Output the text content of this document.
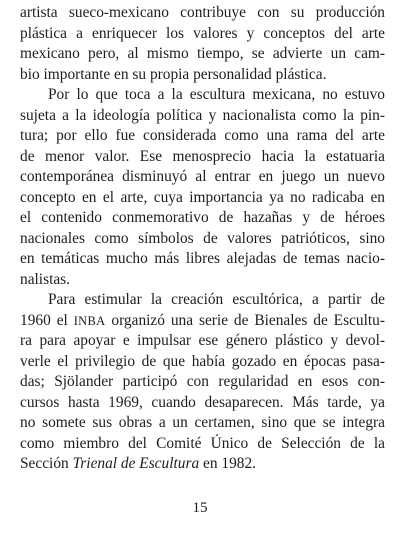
artista sueco-mexicano contribuye con su producción
plástica a enriquecer los valores y conceptos del arte
mexicano pero, al mismo tiempo, se advierte un cam-
bio importante en su propia personalidad plástica.

Por lo que toca a la escultura mexicana, no estuvo
sujeta a la ideología política y nacionalista como la pin-
tura; por ello fue considerada como una rama del arte
de menor valor. Ese menosprecio hacia la estatuaria
contemporánea disminuyó al entrar en juego un nuevo
concepto en el arte, cuya importancia ya no radicaba en
el contenido conmemorativo de hazañas y de héroes
nacionales como símbolos de valores patrióticos, sino
en temáticas mucho más libres alejadas de temas nacio-
nalistas.

Para estimular la creación escultórica, a partir de
1960 el INBA organizó una serie de Bienales de Escultu-
ra para apoyar e impulsar ese género plástico y devol-
verle el privilegio de que había gozado en épocas pasa-
das; Sjölander participó con regularidad en esos con-
cursos hasta 1969, cuando desaparecen. Más tarde, ya
no somete sus obras a un certamen, sino que se integra
como miembro del Comité Único de Selección de la
Sección Trienal de Escultura en 1982.

15
